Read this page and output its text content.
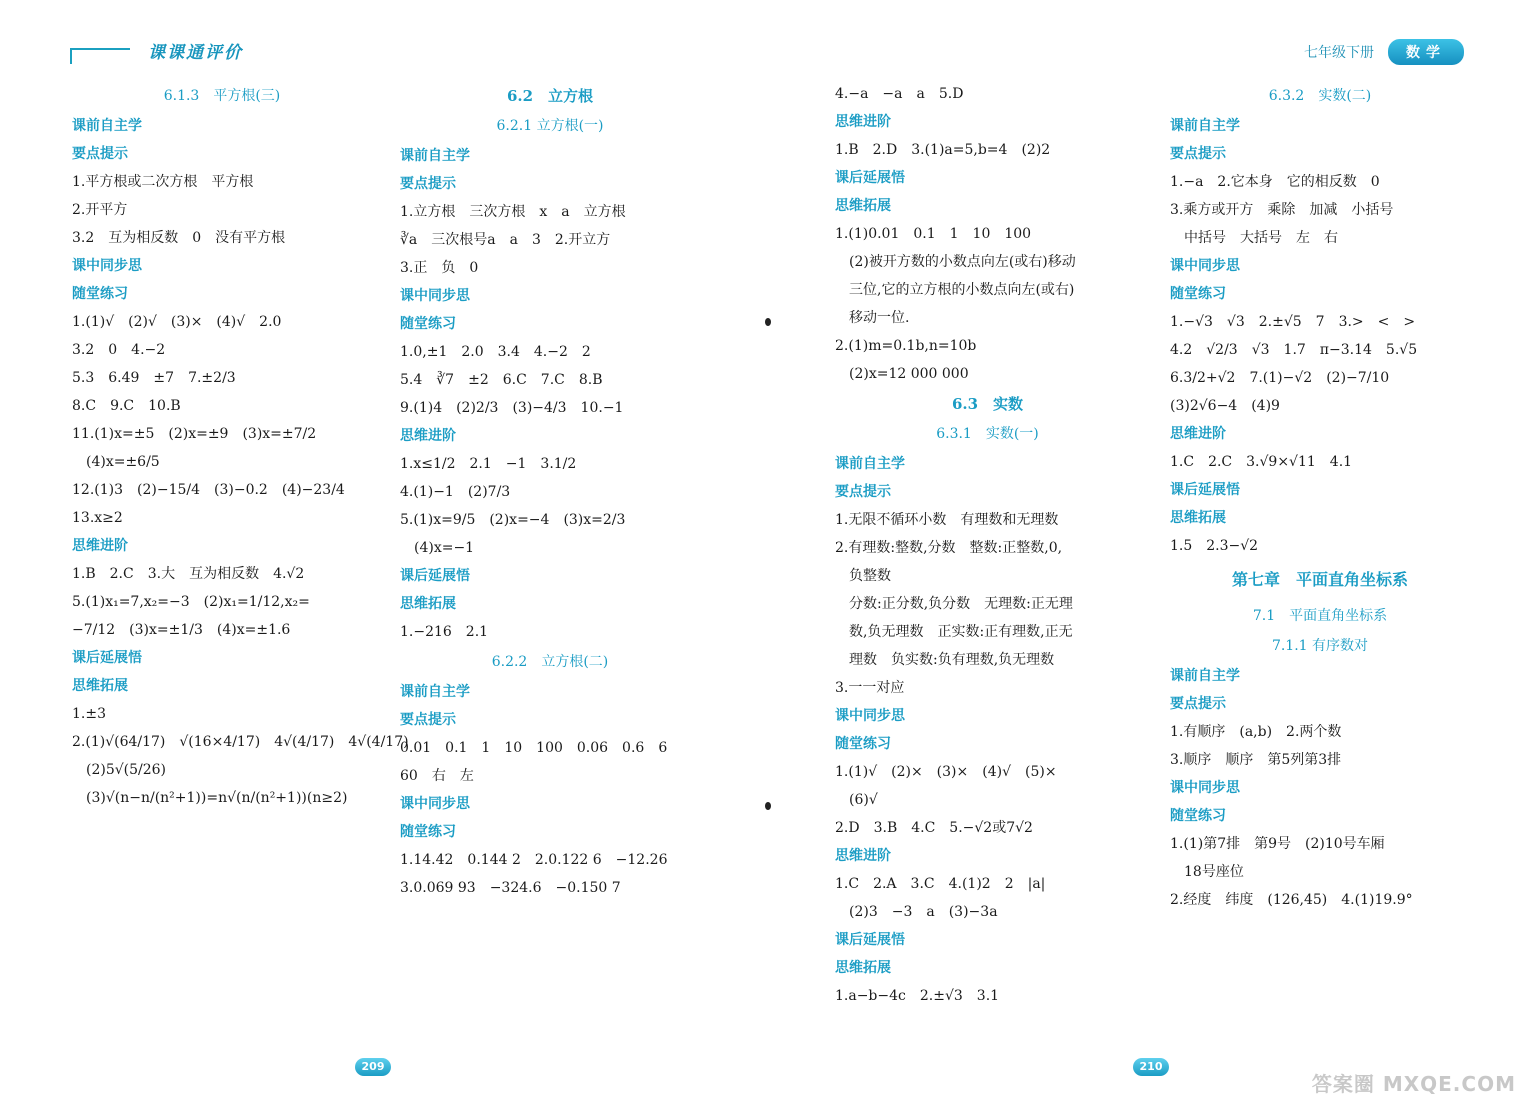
课课通评价	七年级下册	数学
6.1.3　平方根(三)
课前自主学
要点提示
1.平方根或二次方根　平方根
2.开平方
3.2　互为相反数　0　没有平方根
课中同步思
随堂练习
1.(1)√　(2)√　(3)×　(4)√　2.0
3.2　0　4.−2
5.3　6.49　±7　7.±2/3
8.C　9.C　10.B
11.(1)x=±5　(2)x=±9　(3)x=±7/2
　(4)x=±6/5
12.(1)3　(2)−15/4　(3)−0.2　(4)−23/4
13.x≥2
思维进阶
1.B　2.C　3.大　互为相反数　4.√2
5.(1)x₁=7,x₂=−3　(2)x₁=1/12,x₂=
−7/12　(3)x=±1/3　(4)x=±1.6
课后延展悟
思维拓展
1.±3
2.(1)√(64/17)　√(16×4/17)　4√(4/17)　4√(4/17)
　(2)5√(5/26)
　(3)√(n−n/(n²+1))=n√(n/(n²+1))(n≥2)
6.2　立方根
6.2.1 立方根(一)
课前自主学
要点提示
1.立方根　三次方根　x　a　立方根
∛a　三次根号a　a　3　2.开立方
3.正　负　0
课中同步思
随堂练习
1.0,±1　2.0　3.4　4.−2　2
5.4　∛7　±2　6.C　7.C　8.B
9.(1)4　(2)2/3　(3)−4/3　10.−1
思维进阶
1.x≤1/2　2.1　−1　3.1/2
4.(1)−1　(2)7/3
5.(1)x=9/5　(2)x=−4　(3)x=2/3
　(4)x=−1
课后延展悟
思维拓展
1.−216　2.1
6.2.2　立方根(二)
课前自主学
要点提示
0.01　0.1　1　10　100　0.06　0.6　6
60　右　左
课中同步思
随堂练习
1.14.42　0.144 2　2.0.122 6　−12.26
3.0.069 93　−324.6　−0.150 7
4.−a　−a　a　5.D
思维进阶
1.B　2.D　3.(1)a=5,b=4　(2)2
课后延展悟
思维拓展
1.(1)0.01　0.1　1　10　100
　(2)被开方数的小数点向左(或右)移动
　三位,它的立方根的小数点向左(或右)
　移动一位.
2.(1)m=0.1b,n=10b
　(2)x=12 000 000
6.3　实数
6.3.1　实数(一)
课前自主学
要点提示
1.无限不循环小数　有理数和无理数
2.有理数:整数,分数　整数:正整数,0,
　负整数
　分数:正分数,负分数　无理数:正无理
　数,负无理数　正实数:正有理数,正无
　理数　负实数:负有理数,负无理数
3.一一对应
课中同步思
随堂练习
1.(1)√　(2)×　(3)×　(4)√　(5)×
　(6)√
2.D　3.B　4.C　5.−√2或7√2
思维进阶
1.C　2.A　3.C　4.(1)2　2　|a|
　(2)3　−3　a　(3)−3a
课后延展悟
思维拓展
1.a−b−4c　2.±√3　3.1
6.3.2　实数(二)
课前自主学
要点提示
1.−a　2.它本身　它的相反数　0
3.乘方或开方　乘除　加减　小括号
　中括号　大括号　左　右
课中同步思
随堂练习
1.−√3　√3　2.±√5　7　3.>　<　>
4.2　√2/3　√3　1.7　π−3.14　5.√5
6.3/2+√2　7.(1)−√2　(2)−7/10
(3)2√6−4　(4)9
思维进阶
1.C　2.C　3.√9×√11　4.1
课后延展悟
思维拓展
1.5　2.3−√2
第七章　平面直角坐标系
7.1　平面直角坐标系
7.1.1 有序数对
课前自主学
要点提示
1.有顺序　(a,b)　2.两个数
3.顺序　顺序　第5列第3排
课中同步思
随堂练习
1.(1)第7排　第9号　(2)10号车厢
　18号座位
2.经度　纬度　(126,45)　4.(1)19.9°
209	210
答案圈 MXQE.COM
